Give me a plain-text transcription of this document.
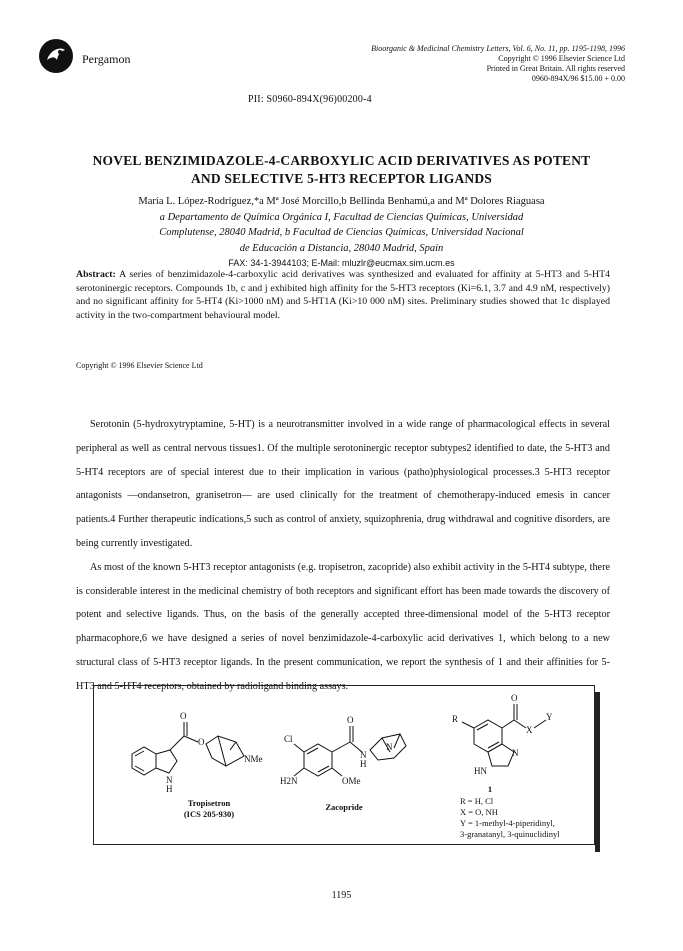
Pergamon
Bioorganic & Medicinal Chemistry Letters, Vol. 6, No. 11, pp. 1195-1198, 1996
Copyright © 1996 Elsevier Science Ltd
Printed in Great Britain. All rights reserved
0960-894X/96 $15.00 + 0.00
PII: S0960-894X(96)00200-4
NOVEL BENZIMIDAZOLE-4-CARBOXYLIC ACID DERIVATIVES AS POTENT
AND SELECTIVE 5-HT3 RECEPTOR LIGANDS
María L. López-Rodríguez,*a Mª José Morcillo,b Bellinda Benhamú,a and Mª Dolores Riaguasa
a Departamento de Química Orgánica I, Facultad de Ciencias Químicas, Universidad
Complutense, 28040 Madrid, b Facultad de Ciencias Químicas, Universidad Nacional
de Educación a Distancia, 28040 Madrid, Spain
FAX: 34-1-3944103; E-Mail: mluzlr@eucmax.sim.ucm.es
Abstract: A series of benzimidazole-4-carboxylic acid derivatives was synthesized and evaluated for affinity at 5-HT3 and 5-HT4 serotoninergic receptors. Compounds 1b, c and j exhibited high affinity for the 5-HT3 receptors (Ki=6.1, 3.7 and 4.9 nM, respectively) and no significant affinity for 5-HT4 (Ki>1000 nM) and 5-HT1A (Ki>10 000 nM) sites. Preliminary studies showed that 1c displayed activity in the two-compartment behavioural model.
Copyright © 1996 Elsevier Science Ltd

Serotonin (5-hydroxytryptamine, 5-HT) is a neurotransmitter involved in a wide range of pharmacological effects in several peripheral as well as central nervous tissues1. Of the multiple serotoninergic receptor subtypes2 identified to date, the 5-HT3 and 5-HT4 receptors are of special interest due to their implication in various (patho)physiological processes.3 5-HT3 receptor antagonists —ondansetron, granisetron— are used clinically for the treatment of chemotherapy-induced emesis in cancer patients.4 Further therapeutic indications,5 such as control of anxiety, squizophrenia, drug withdrawal and cognitive disorders, are being currently investigated.

As most of the known 5-HT3 receptor antagonists (e.g. tropisetron, zacopride) also exhibit activity in the 5-HT4 subtype, there is considerable interest in the medicinal chemistry of both receptors and significant effort has been made towards the discovery of potent and selective ligands. Thus, on the basis of the generally accepted three-dimensional model of the 5-HT3 receptor pharmacophore,6 we have designed a series of novel benzimidazole-4-carboxylic acid derivatives 1, which belong to a new structural class of 5-HT3 receptor ligands. In the present communication, we report the synthesis of 1 and their affinities for 5-HT3 and 5-HT4 receptors, obtained by radioligand binding assays.

O
O
NMe
N
H
Cl
H2N	OMe
O
N
H
N
R
O
X
Y
N
HN
Tropisetron
(ICS 205-930)
Zacopride
1
R = H, Cl
X = O, NH
Y = 1-methyl-4-piperidinyl,
3-granatanyl, 3-quinuclidinyl
1195
